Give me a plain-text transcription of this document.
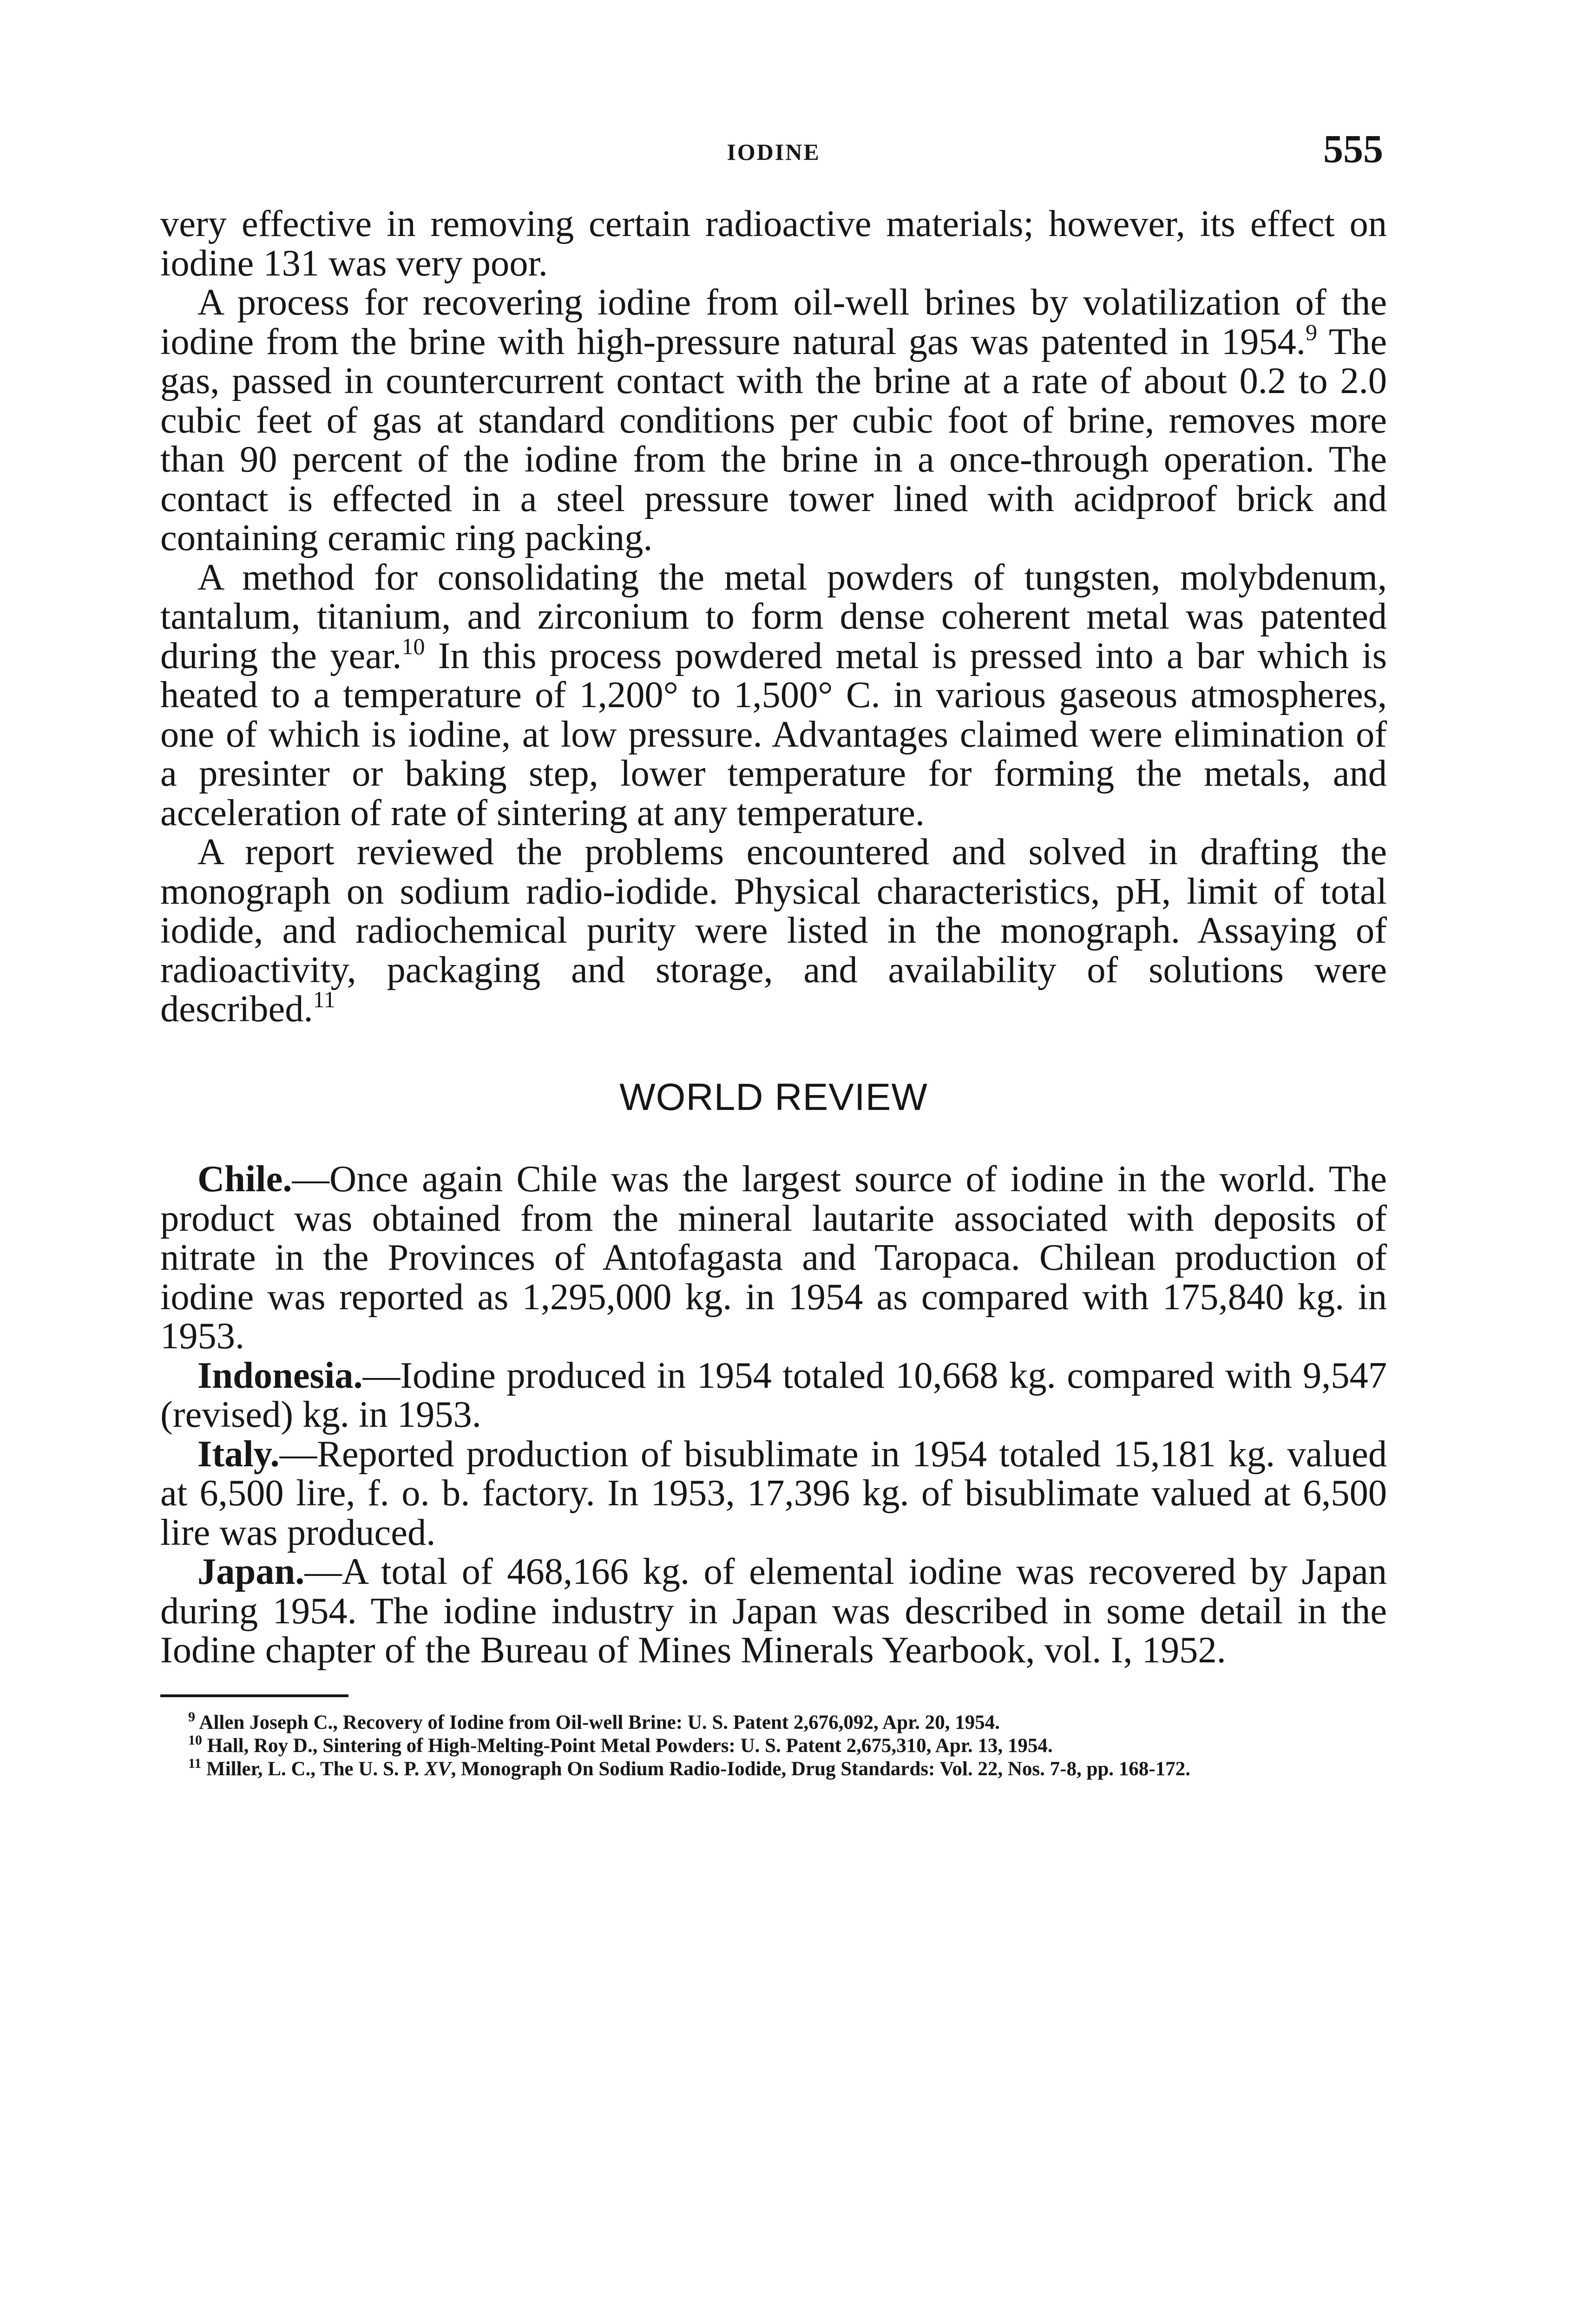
IODINE	555

very effective in removing certain radioactive materials; however, its effect on iodine 131 was very poor.

A process for recovering iodine from oil-well brines by volatilization of the iodine from the brine with high-pressure natural gas was patented in 1954.$^9$ The gas, passed in countercurrent contact with the brine at a rate of about 0.2 to 2.0 cubic feet of gas at standard conditions per cubic foot of brine, removes more than 90 percent of the iodine from the brine in a once-through operation. The contact is effected in a steel pressure tower lined with acidproof brick and containing ceramic ring packing.

A method for consolidating the metal powders of tungsten, molybdenum, tantalum, titanium, and zirconium to form dense coherent metal was patented during the year.$^{10}$ In this process powdered metal is pressed into a bar which is heated to a temperature of 1,200° to 1,500° C. in various gaseous atmospheres, one of which is iodine, at low pressure. Advantages claimed were elimination of a presinter or baking step, lower temperature for forming the metals, and acceleration of rate of sintering at any temperature.

A report reviewed the problems encountered and solved in drafting the monograph on sodium radio-iodide. Physical characteristics, pH, limit of total iodide, and radiochemical purity were listed in the monograph. Assaying of radioactivity, packaging and storage, and availability of solutions were described.$^{11}$

WORLD REVIEW

Chile.—Once again Chile was the largest source of iodine in the world. The product was obtained from the mineral lautarite associated with deposits of nitrate in the Provinces of Antofagasta and Taropaca. Chilean production of iodine was reported as 1,295,000 kg. in 1954 as compared with 175,840 kg. in 1953.

Indonesia.—Iodine produced in 1954 totaled 10,668 kg. compared with 9,547 (revised) kg. in 1953.

Italy.—Reported production of bisublimate in 1954 totaled 15,181 kg. valued at 6,500 lire, f. o. b. factory. In 1953, 17,396 kg. of bisublimate valued at 6,500 lire was produced.

Japan.—A total of 468,166 kg. of elemental iodine was recovered by Japan during 1954. The iodine industry in Japan was described in some detail in the Iodine chapter of the Bureau of Mines Minerals Yearbook, vol. I, 1952.

$^9$ Allen Joseph C., Recovery of Iodine from Oil-well Brine: U. S. Patent 2,676,092, Apr. 20, 1954.

$^{10}$ Hall, Roy D., Sintering of High-Melting-Point Metal Powders: U. S. Patent 2,675,310, Apr. 13, 1954.

$^{11}$ Miller, L. C., The U. S. P. XV, Monograph On Sodium Radio-Iodide, Drug Standards: Vol. 22, Nos. 7-8, pp. 168-172.
